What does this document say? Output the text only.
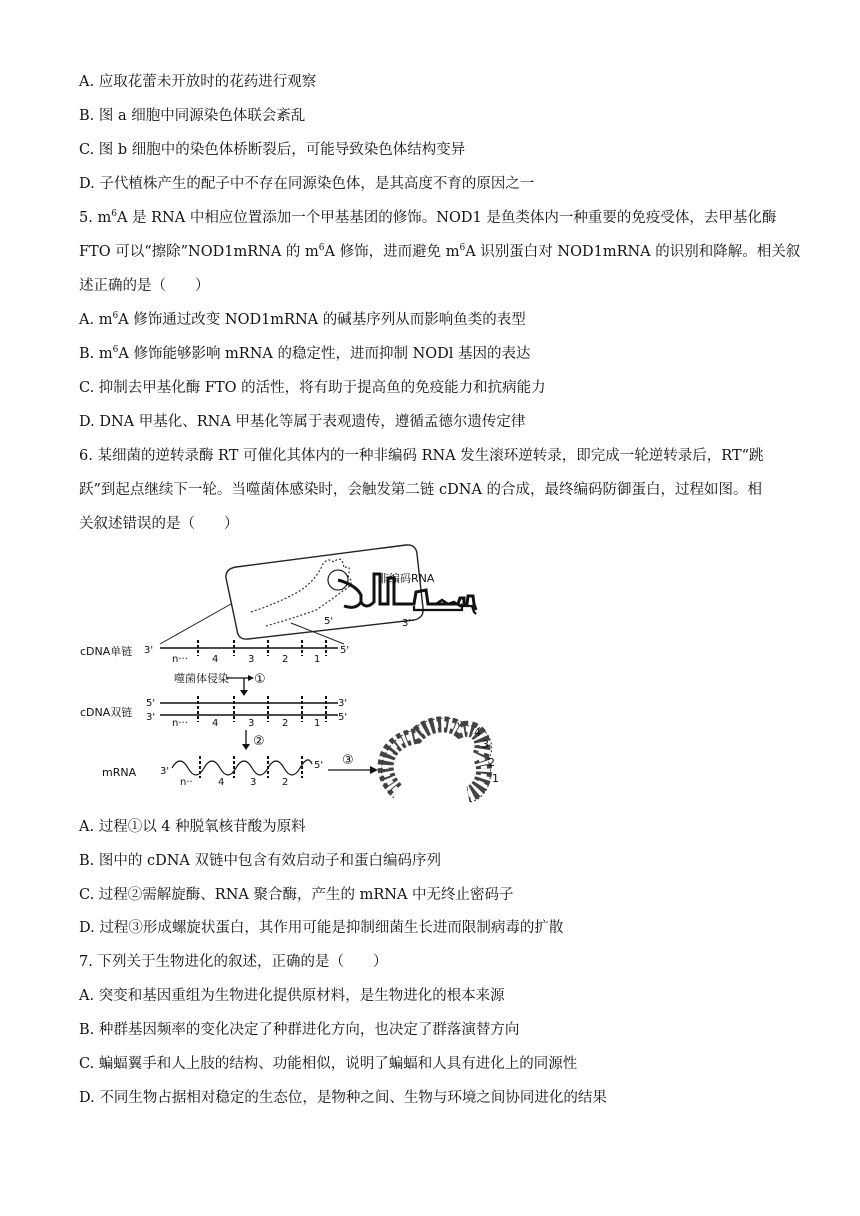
A. 应取花蕾未开放时的花药进行观察
B. 图 a 细胞中同源染色体联会紊乱
C. 图 b 细胞中的染色体桥断裂后，可能导致染色体结构变异
D. 子代植株产生的配子中不存在同源染色体，是其高度不育的原因之一
5. $m^6A$ 是 RNA 中相应位置添加一个甲基基团的修饰。NOD1 是鱼类体内一种重要的免疫受体，去甲基化酶
FTO 可以“擦除”NOD1mRNA 的 $m^6A$ 修饰，进而避免 $m^6A$ 识别蛋白对 NOD1mRNA 的识别和降解。相关叙
述正确的是（　　）
A. $m^6A$ 修饰通过改变 NOD1mRNA 的碱基序列从而影响鱼类的表型
B. $m^6A$ 修饰能够影响 mRNA 的稳定性，进而抑制 NODl 基因的表达
C. 抑制去甲基化酶 FTO 的活性，将有助于提高鱼的免疫能力和抗病能力
D. DNA 甲基化、RNA 甲基化等属于表观遗传，遵循孟德尔遗传定律
6. 某细菌的逆转录酶 RT 可催化其体内的一种非编码 RNA 发生滚环逆转录，即完成一轮逆转录后，RT“跳
跃”到起点继续下一轮。当噬菌体感染时，会触发第二链 cDNA 的合成，最终编码防御蛋白，过程如图。相
关叙述错误的是（　　）
非编码RNA
5'	3′
cDNA单链 3'	5'
n··· 4	3	2	1
噬菌体侵染 ①
cDNA双链
5'
3'
3'
5'
n··· 4	3	2	1
②
mRNA 3'
5'
n··	4	3	2
③
4
3
2
1
A. 过程①以 4 种脱氧核苷酸为原料
B. 图中的 cDNA 双链中包含有效启动子和蛋白编码序列
C. 过程②需解旋酶、RNA 聚合酶，产生的 mRNA 中无终止密码子
D. 过程③形成螺旋状蛋白，其作用可能是抑制细菌生长进而限制病毒的扩散
7. 下列关于生物进化的叙述，正确的是（　　）
A. 突变和基因重组为生物进化提供原材料，是生物进化的根本来源
B. 种群基因频率的变化决定了种群进化方向，也决定了群落演替方向
C. 蝙蝠翼手和人上肢的结构、功能相似，说明了蝙蝠和人具有进化上的同源性
D. 不同生物占据相对稳定的生态位，是物种之间、生物与环境之间协同进化的结果
